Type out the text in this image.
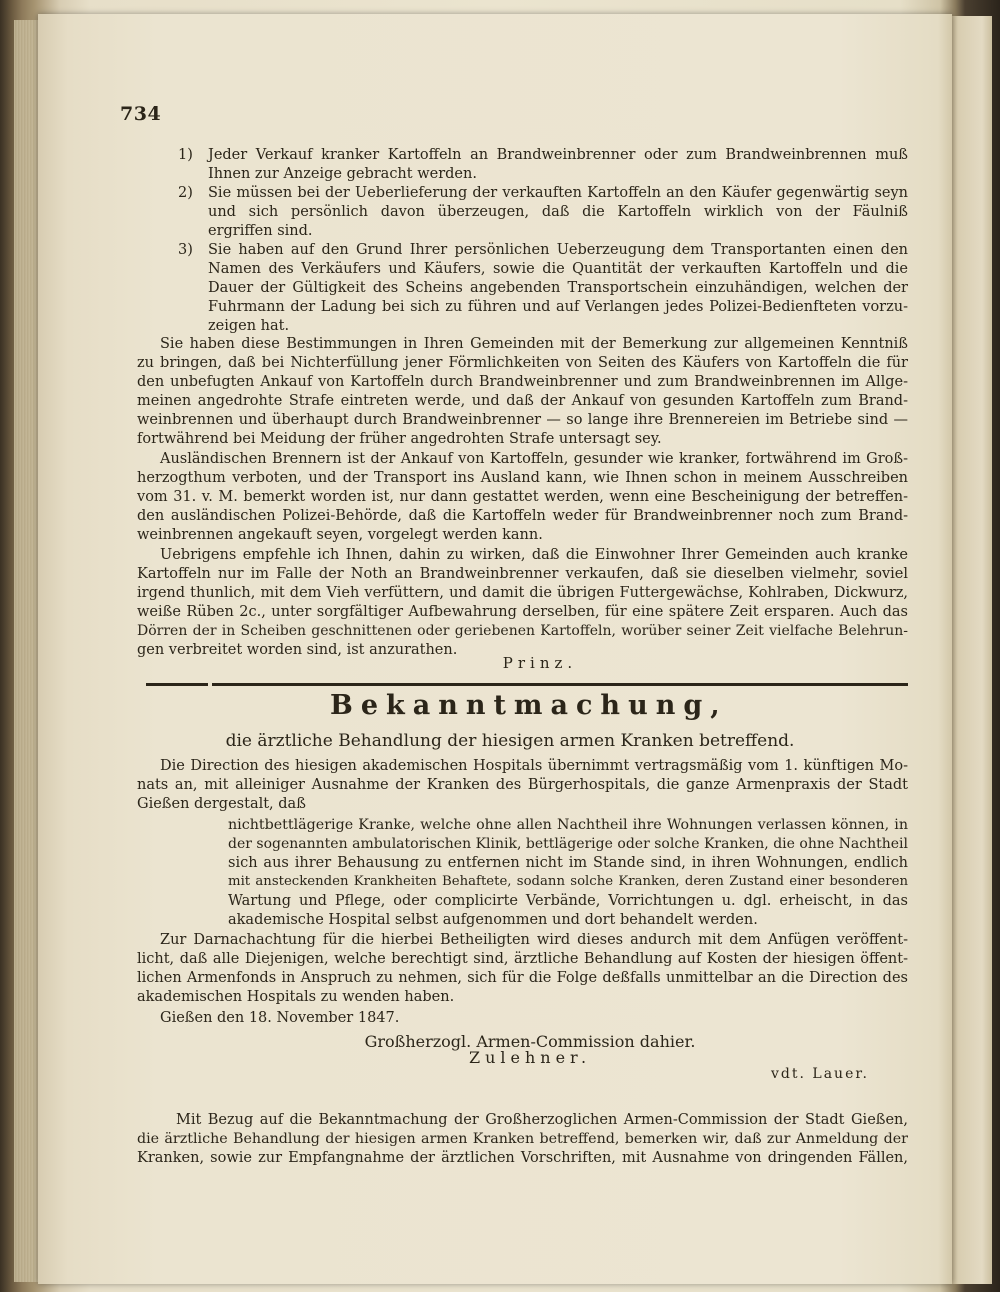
734
1) Jeder Verkauf kranker Kartoffeln an Brandweinbrenner oder zum Brandweinbrennen muß
Ihnen zur Anzeige gebracht werden.
2) Sie müssen bei der Ueberlieferung der verkauften Kartoffeln an den Käufer gegenwärtig seyn
und sich persönlich davon überzeugen, daß die Kartoffeln wirklich von der Fäulniß
ergriffen sind.
3) Sie haben auf den Grund Ihrer persönlichen Ueberzeugung dem Transportanten einen den
Namen des Verkäufers und Käufers, sowie die Quantität der verkauften Kartoffeln und die
Dauer der Gültigkeit des Scheins angebenden Transportschein einzuhändigen, welchen der
Fuhrmann der Ladung bei sich zu führen und auf Verlangen jedes Polizei-Bedienfteten vorzu-
zeigen hat.
Sie haben diese Bestimmungen in Ihren Gemeinden mit der Bemerkung zur allgemeinen Kenntniß
zu bringen, daß bei Nichterfüllung jener Förmlichkeiten von Seiten des Käufers von Kartoffeln die für
den unbefugten Ankauf von Kartoffeln durch Brandweinbrenner und zum Brandweinbrennen im Allge-
meinen angedrohte Strafe eintreten werde, und daß der Ankauf von gesunden Kartoffeln zum Brand-
weinbrennen und überhaupt durch Brandweinbrenner — so lange ihre Brennereien im Betriebe sind —
fortwährend bei Meidung der früher angedrohten Strafe untersagt sey.
Ausländischen Brennern ist der Ankauf von Kartoffeln, gesunder wie kranker, fortwährend im Groß-
herzogthum verboten, und der Transport ins Ausland kann, wie Ihnen schon in meinem Ausschreiben
vom 31. v. M. bemerkt worden ist, nur dann gestattet werden, wenn eine Bescheinigung der betreffen-
den ausländischen Polizei-Behörde, daß die Kartoffeln weder für Brandweinbrenner noch zum Brand-
weinbrennen angekauft seyen, vorgelegt werden kann.
Uebrigens empfehle ich Ihnen, dahin zu wirken, daß die Einwohner Ihrer Gemeinden auch kranke
Kartoffeln nur im Falle der Noth an Brandweinbrenner verkaufen, daß sie dieselben vielmehr, soviel
irgend thunlich, mit dem Vieh verfüttern, und damit die übrigen Futtergewächse, Kohlraben, Dickwurz,
weiße Rüben 2c., unter sorgfältiger Aufbewahrung derselben, für eine spätere Zeit ersparen. Auch das
Dörren der in Scheiben geschnittenen oder geriebenen Kartoffeln, worüber seiner Zeit vielfache Belehrun-
gen verbreitet worden sind, ist anzurathen.
Prinz.
Bekanntmachung,
die ärztliche Behandlung der hiesigen armen Kranken betreffend.
Die Direction des hiesigen akademischen Hospitals übernimmt vertragsmäßig vom 1. künftigen Mo-
nats an, mit alleiniger Ausnahme der Kranken des Bürgerhospitals, die ganze Armenpraxis der Stadt
Gießen dergestalt, daß
nichtbettlägerige Kranke, welche ohne allen Nachtheil ihre Wohnungen verlassen können, in
der sogenannten ambulatorischen Klinik, bettlägerige oder solche Kranken, die ohne Nachtheil
sich aus ihrer Behausung zu entfernen nicht im Stande sind, in ihren Wohnungen, endlich
mit ansteckenden Krankheiten Behaftete, sodann solche Kranken, deren Zustand einer besonderen
Wartung und Pflege, oder complicirte Verbände, Vorrichtungen u. dgl. erheischt, in das
akademische Hospital selbst aufgenommen und dort behandelt werden.
Zur Darnachachtung für die hierbei Betheiligten wird dieses andurch mit dem Anfügen veröffent-
licht, daß alle Diejenigen, welche berechtigt sind, ärztliche Behandlung auf Kosten der hiesigen öffent-
lichen Armenfonds in Anspruch zu nehmen, sich für die Folge deßfalls unmittelbar an die Direction des
akademischen Hospitals zu wenden haben.
Gießen den 18. November 1847.
Großherzogl. Armen-Commission dahier.
Zulehner.
vdt. Lauer.
Mit Bezug auf die Bekanntmachung der Großherzoglichen Armen-Commission der Stadt Gießen,
die ärztliche Behandlung der hiesigen armen Kranken betreffend, bemerken wir, daß zur Anmeldung der
Kranken, sowie zur Empfangnahme der ärztlichen Vorschriften, mit Ausnahme von dringenden Fällen,
